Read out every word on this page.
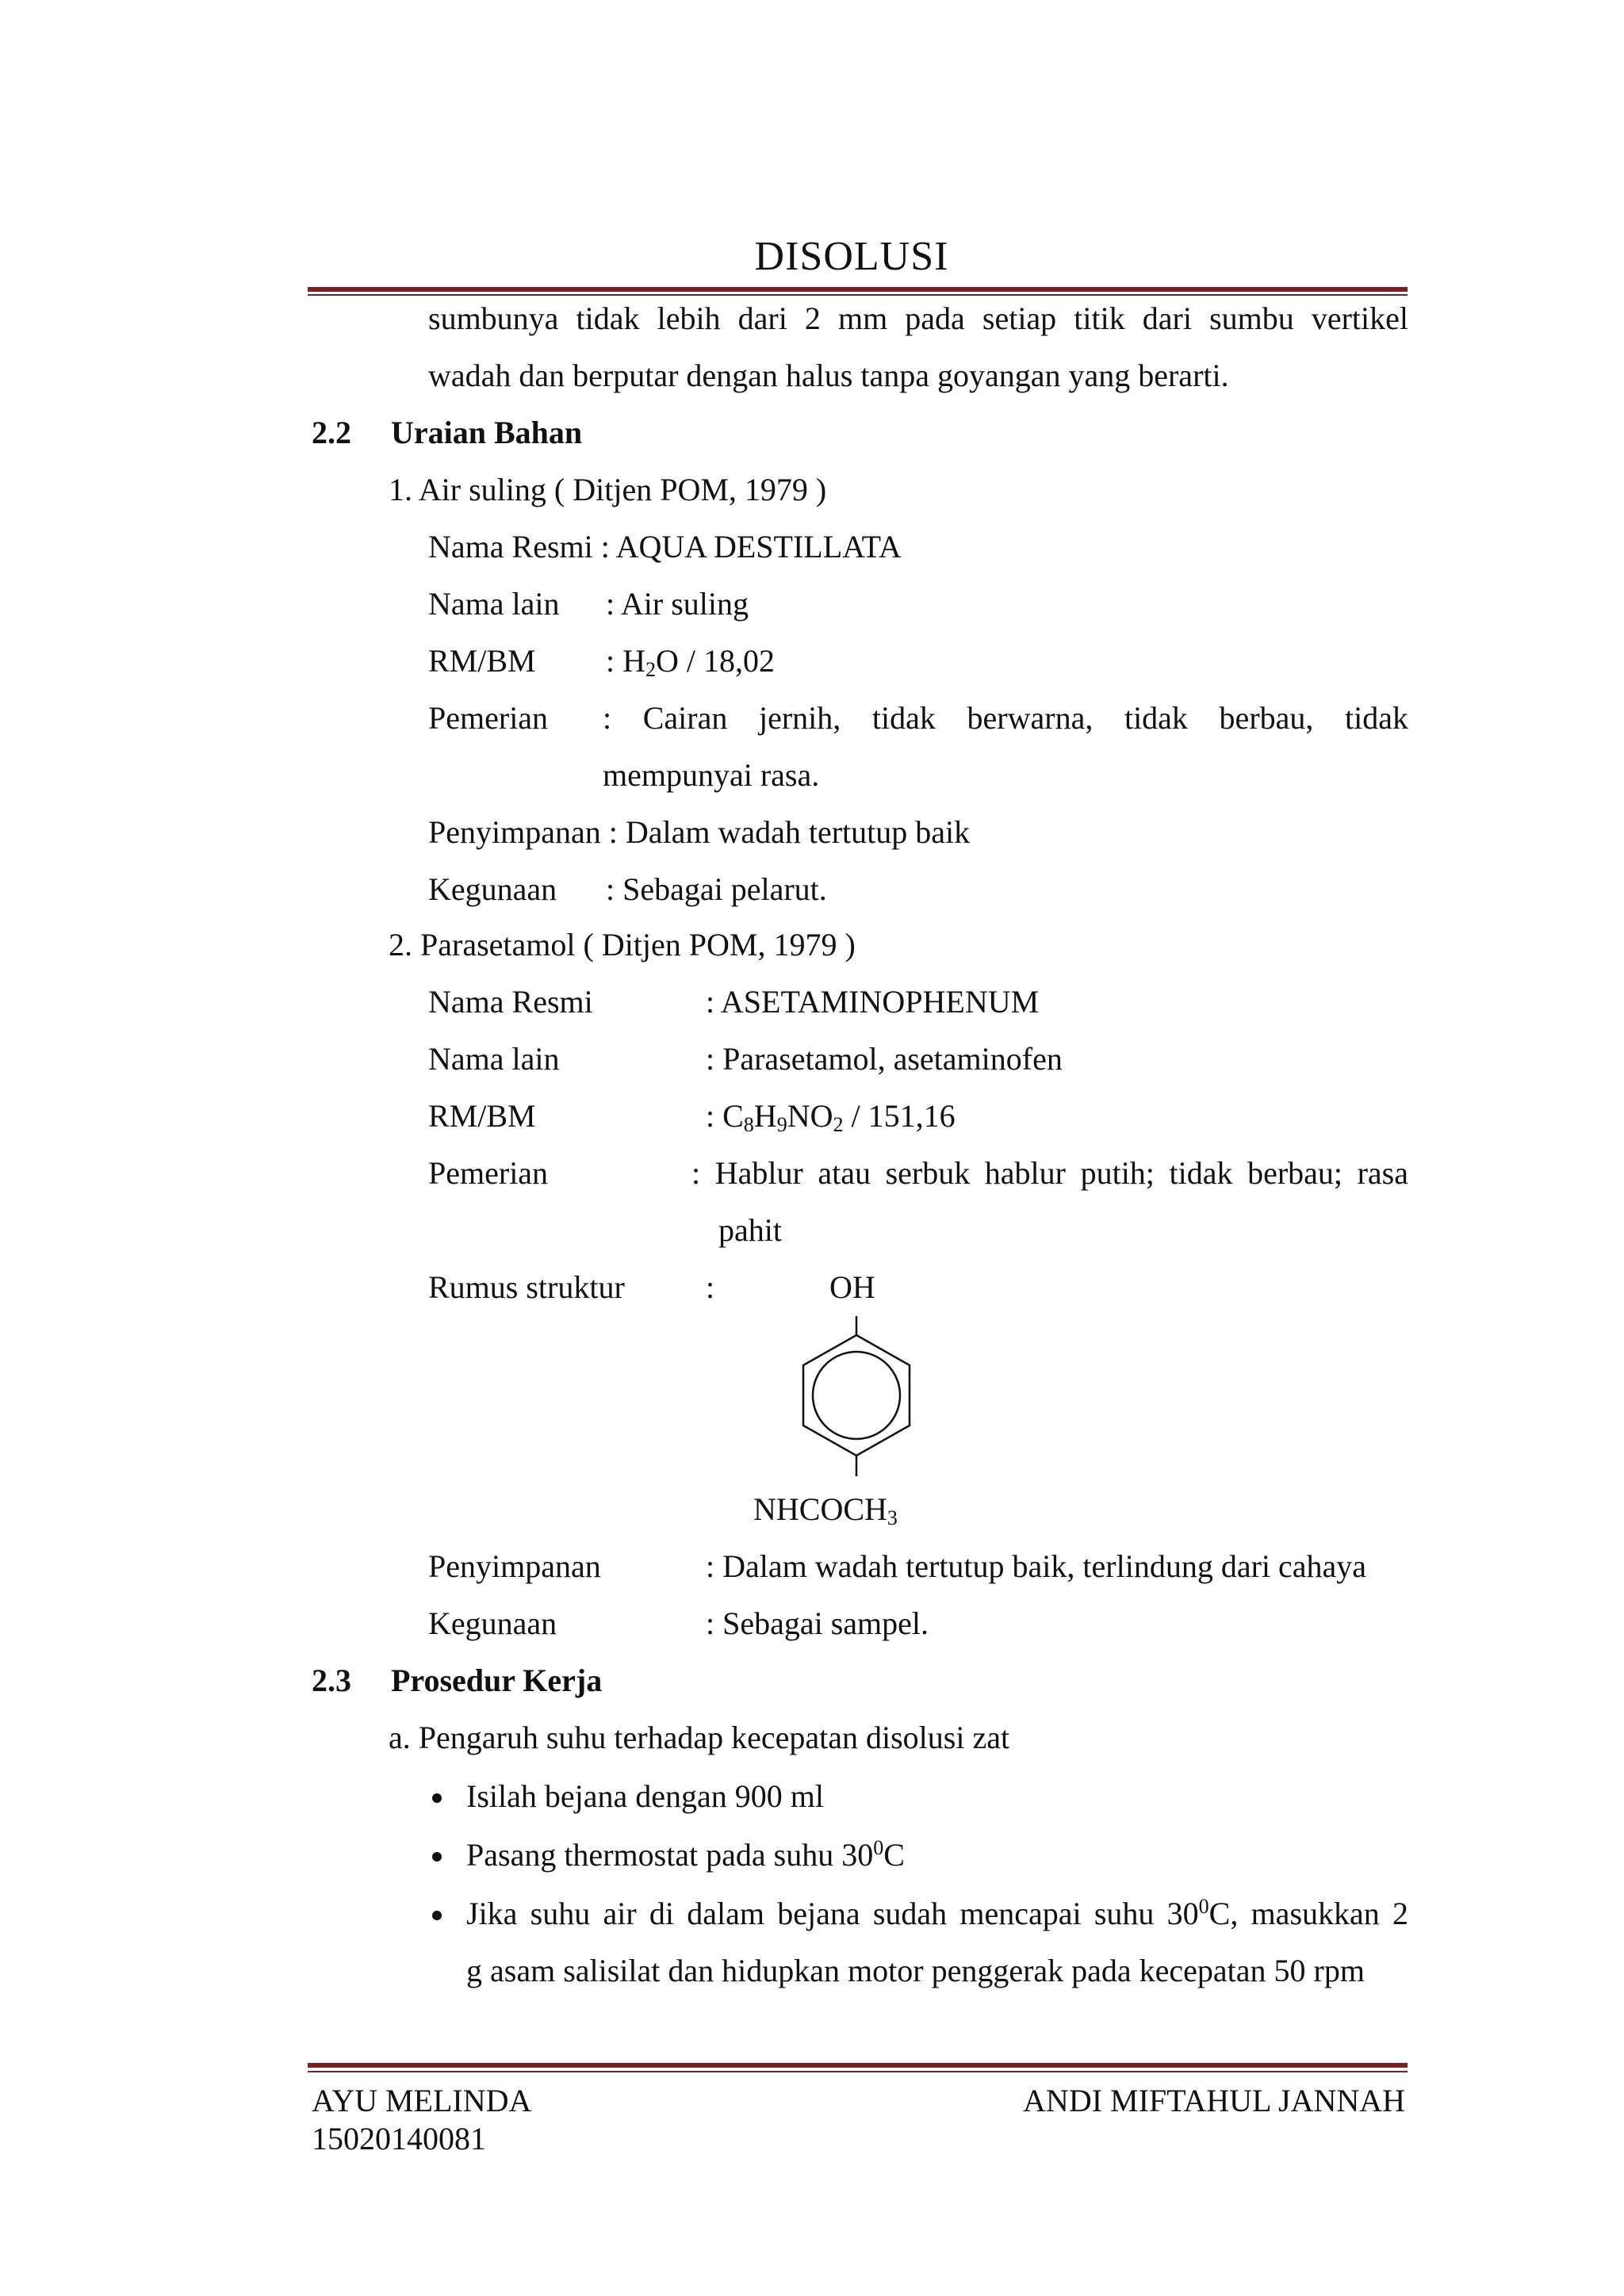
DISOLUSI
sumbunya tidak lebih dari 2 mm pada setiap titik dari sumbu vertikel
wadah dan berputar dengan halus tanpa goyangan yang berarti.
2.2 Uraian Bahan
1. Air suling ( Ditjen POM, 1979 )
Nama Resmi : AQUA DESTILLATA
Nama lain : Air suling
RM/BM : $H_2O / 18,02$
Pemerian : Cairan jernih, tidak berwarna, tidak berbau, tidak
mempunyai rasa.
Penyimpanan : Dalam wadah tertutup baik
Kegunaan : Sebagai pelarut.
2. Parasetamol ( Ditjen POM, 1979 )
Nama Resmi	: ASETAMINOPHENUM
Nama lain	: Parasetamol, asetaminofen
RM/BM	: $C_8H_9NO_2 / 151,16$
Pemerian	: Hablur atau serbuk hablur putih; tidak berbau; rasa
pahit
Rumus struktur	:	OH
$NHCOCH_3$
Penyimpanan	: Dalam wadah tertutup baik, terlindung dari cahaya
Kegunaan	: Sebagai sampel.
2.3 Prosedur Kerja
a. Pengaruh suhu terhadap kecepatan disolusi zat
Isilah bejana dengan 900 ml
Pasang thermostat pada suhu $30^0C$
Jika suhu air di dalam bejana sudah mencapai suhu $30^0C$, masukkan 2
g asam salisilat dan hidupkan motor penggerak pada kecepatan 50 rpm
AYU MELINDA
15020140081
ANDI MIFTAHUL JANNAH
